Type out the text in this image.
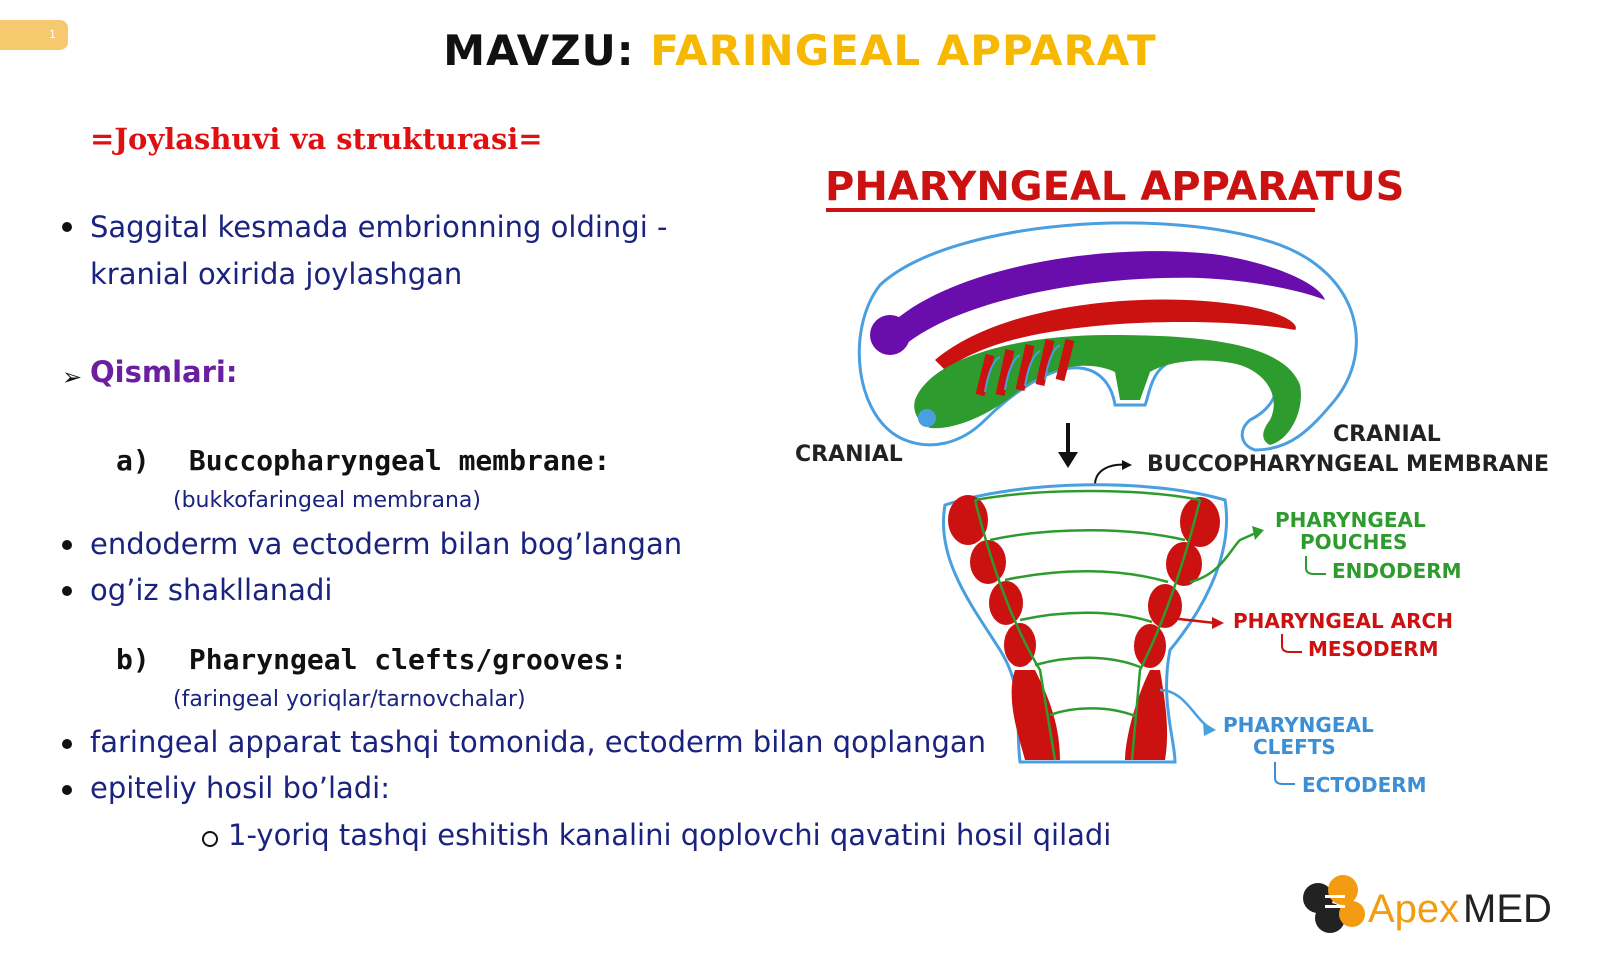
1	MAVZU: FARINGEAL APPARAT
=Joylashuvi va strukturasi=
Saggital kesmada embrionning oldingi -
kranial oxirida joylashgan
➢ Qismlari:
a) Buccopharyngeal membrane:
(bukkofaringeal membrana)
endoderm va ectoderm bilan bog’langan
og’iz shakllanadi
b) Pharyngeal clefts/grooves:
(faringeal yoriqlar/tarnovchalar)
faringeal apparat tashqi tomonida, ectoderm bilan qoplangan
epiteliy hosil bo’ladi:
1-yoriq tashqi eshitish kanalini qoplovchi qavatini hosil qiladi
PHARYNGEAL APPARATUS
CRANIAL
CRANIAL
BUCCOPHARYNGEAL MEMBRANE
PHARYNGEAL
POUCHES
ENDODERM
PHARYNGEAL ARCH
MESODERM
PHARYNGEAL
CLEFTS
ECTODERM
Apex MED
